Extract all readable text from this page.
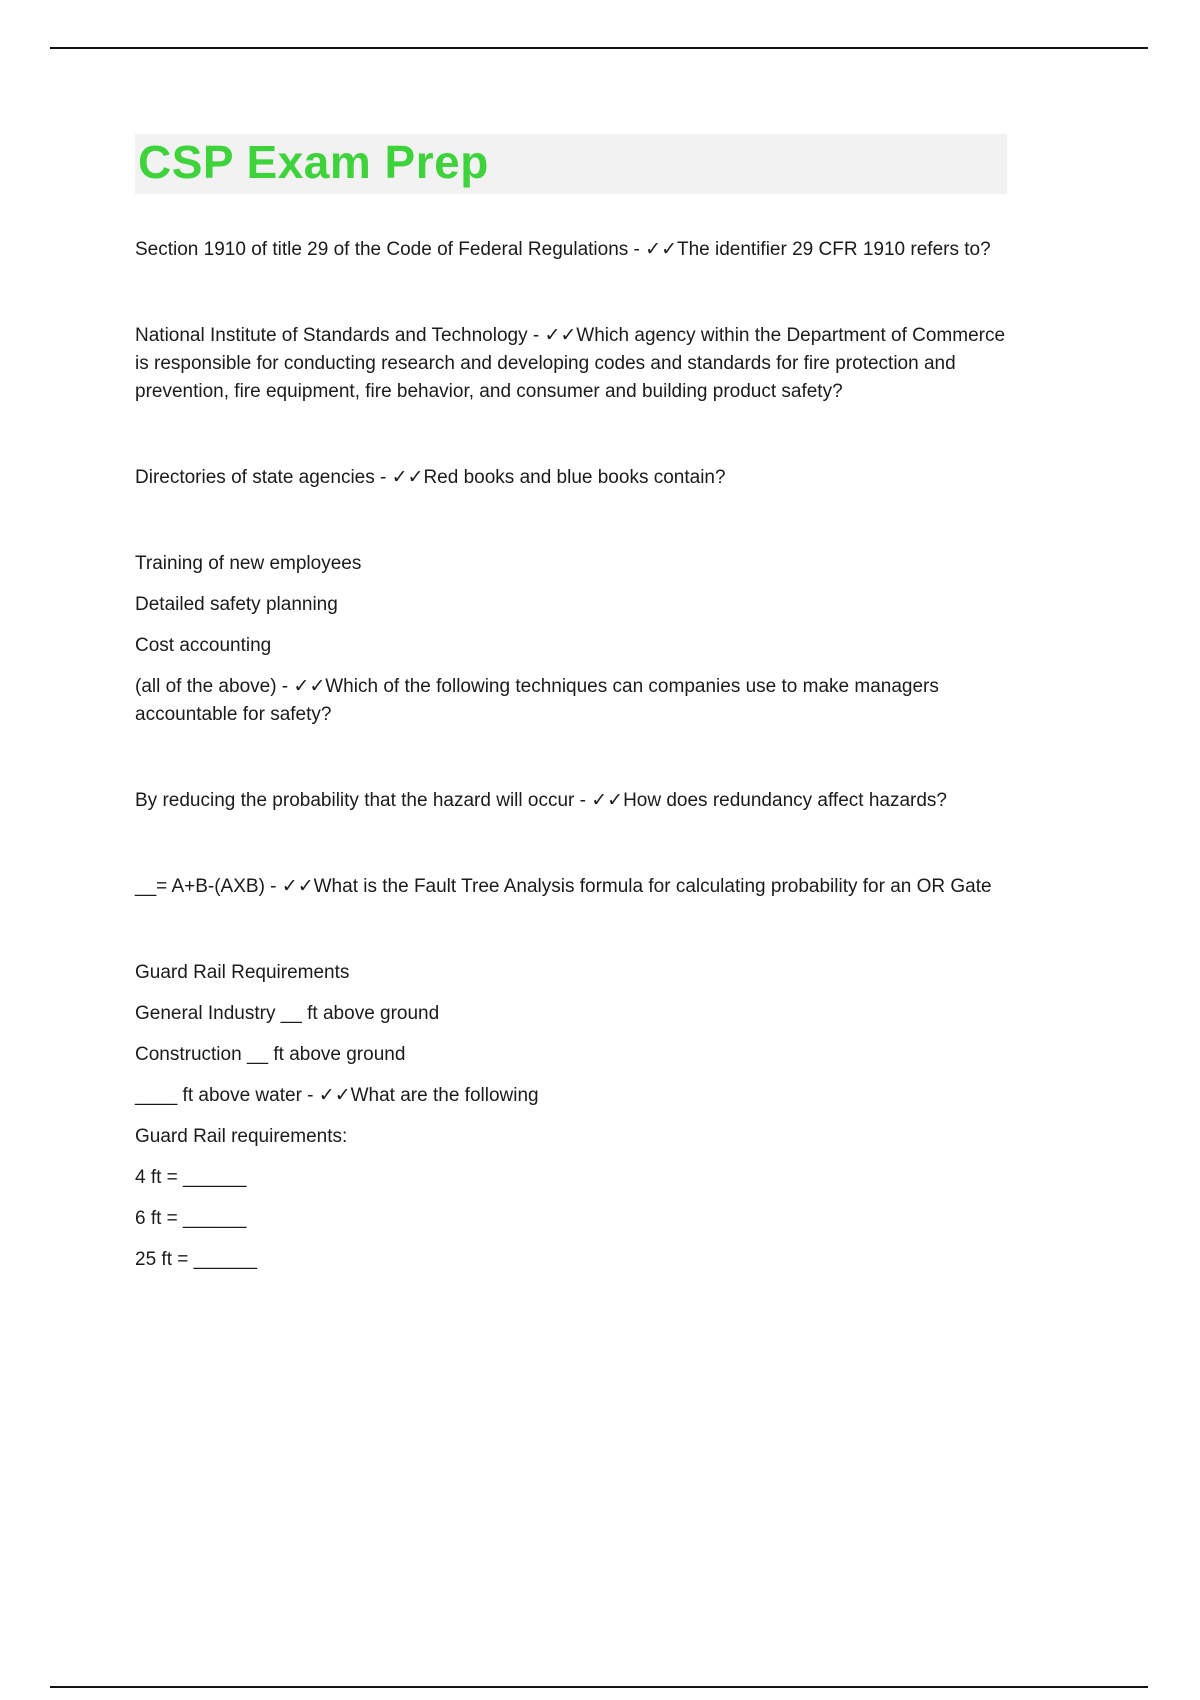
CSP Exam Prep

Section 1910 of title 29 of the Code of Federal Regulations - ✓✓The identifier 29 CFR 1910 refers to?

National Institute of Standards and Technology - ✓✓Which agency within the Department of Commerce is responsible for conducting research and developing codes and standards for fire protection and prevention, fire equipment, fire behavior, and consumer and building product safety?

Directories of state agencies - ✓✓Red books and blue books contain?

Training of new employees

Detailed safety planning

Cost accounting

(all of the above) - ✓✓Which of the following techniques can companies use to make managers accountable for safety?

By reducing the probability that the hazard will occur - ✓✓How does redundancy affect hazards?

__= A+B-(AXB) - ✓✓What is the Fault Tree Analysis formula for calculating probability for an OR Gate

Guard Rail Requirements

General Industry __ ft above ground

Construction __ ft above ground

____ ft above water - ✓✓What are the following

Guard Rail requirements:

4 ft = ______

6 ft = ______

25 ft = ______
